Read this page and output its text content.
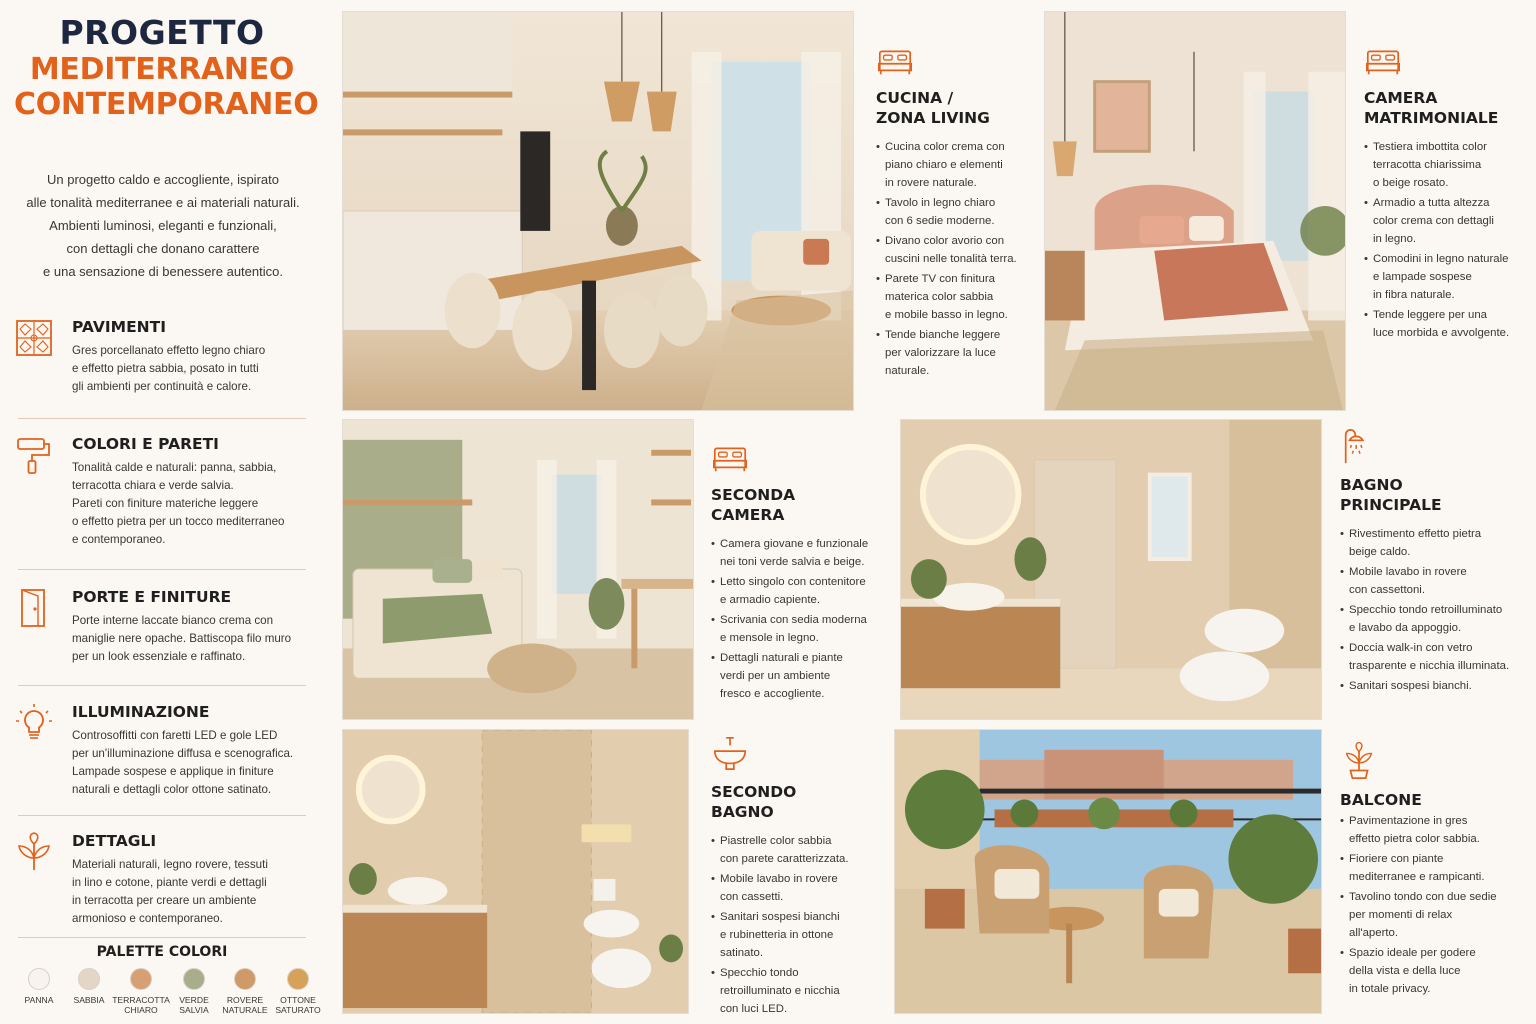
PROGETTO
MEDITERRANEO
CONTEMPORANEO
Un progetto caldo e accogliente, ispirato
alle tonalità mediterranee e ai materiali naturali.
Ambienti luminosi, eleganti e funzionali,
con dettagli che donano carattere
e una sensazione di benessere autentico.
PAVIMENTI

Gres porcellanato effetto legno chiaro
e effetto pietra sabbia, posato in tutti
gli ambienti per continuità e calore.

COLORI E PARETI

Tonalità calde e naturali: panna, sabbia,
terracotta chiara e verde salvia.
Pareti con finiture materiche leggere
o effetto pietra per un tocco mediterraneo
e contemporaneo.

PORTE E FINITURE

Porte interne laccate bianco crema con
maniglie nere opache. Battiscopa filo muro
per un look essenziale e raffinato.

ILLUMINAZIONE

Controsoffitti con faretti LED e gole LED
per un'illuminazione diffusa e scenografica.
Lampade sospese e applique in finiture
naturali e dettagli color ottone satinato.

DETTAGLI

Materiali naturali, legno rovere, tessuti
in lino e cotone, piante verdi e dettagli
in terracotta per creare un ambiente
armonioso e contemporaneo.

PALETTE COLORI
PANNA	SABBIA TERRACOTTA CHIARO
VERDE SALVIA
ROVERE NATURALE
OTTONE SATURATO
CUCINA /
ZONA LIVING
• Cucina color crema con
piano chiaro e elementi
in rovere naturale.
• Tavolo in legno chiaro
con 6 sedie moderne.
• Divano color avorio con
cuscini nelle tonalità terra.
• Parete TV con finitura
materica color sabbia
e mobile basso in legno.
• Tende bianche leggere
per valorizzare la luce
naturale.
CAMERA
MATRIMONIALE
• Testiera imbottita color
terracotta chiarissima
o beige rosato.
• Armadio a tutta altezza
color crema con dettagli
in legno.
• Comodini in legno naturale
e lampade sospese
in fibra naturale.
• Tende leggere per una
luce morbida e avvolgente.
SECONDA
CAMERA
• Camera giovane e funzionale
nei toni verde salvia e beige.
• Letto singolo con contenitore
e armadio capiente.
• Scrivania con sedia moderna
e mensole in legno.
• Dettagli naturali e piante
verdi per un ambiente
fresco e accogliente.
BAGNO
PRINCIPALE
• Rivestimento effetto pietra
beige caldo.
• Mobile lavabo in rovere
con cassettoni.
• Specchio tondo retroilluminato
e lavabo da appoggio.
• Doccia walk-in con vetro
trasparente e nicchia illuminata.
• Sanitari sospesi bianchi.
SECONDO
BAGNO
• Piastrelle color sabbia
con parete caratterizzata.
• Mobile lavabo in rovere
con cassetti.
• Sanitari sospesi bianchi
e rubinetteria in ottone
satinato.
• Specchio tondo
retroilluminato e nicchia
con luci LED.
BALCONE
• Pavimentazione in gres
effetto pietra color sabbia.
• Fioriere con piante
mediterranee e rampicanti.
• Tavolino tondo con due sedie
per momenti di relax
all'aperto.
• Spazio ideale per godere
della vista e della luce
in totale privacy.
